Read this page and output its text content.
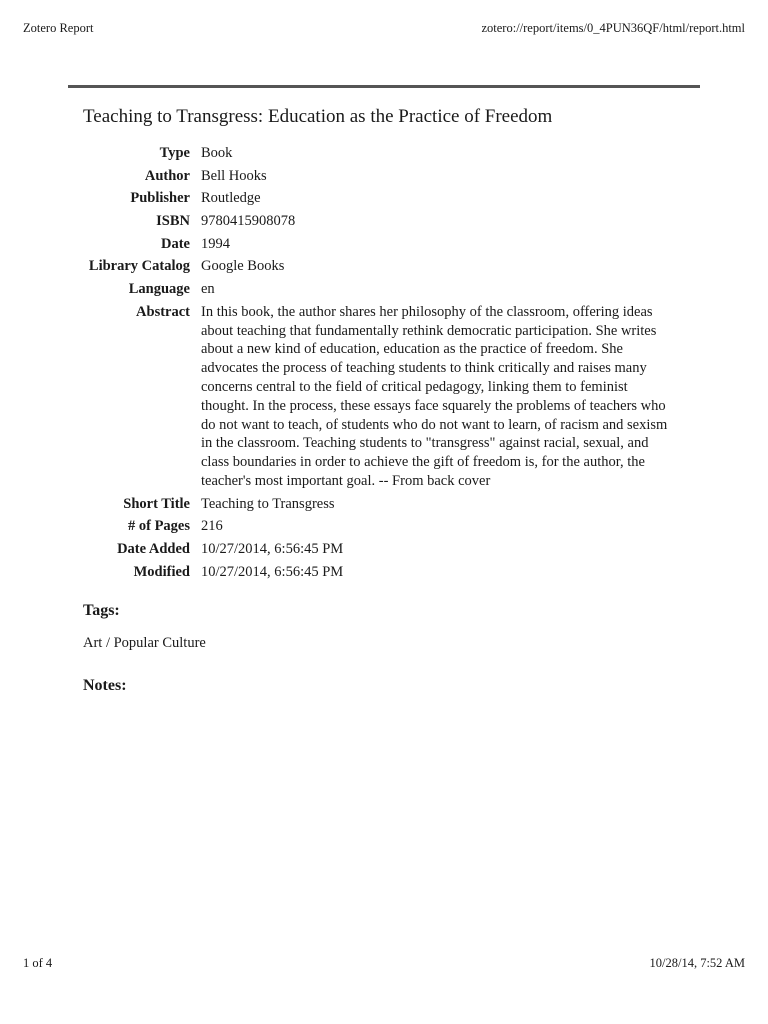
Zotero Report	zotero://report/items/0_4PUN36QF/html/report.html
Teaching to Transgress: Education as the Practice of Freedom
Type Book
Author Bell Hooks
Publisher Routledge
ISBN 9780415908078
Date 1994
Library Catalog Google Books
Language en
Abstract In this book, the author shares her philosophy of the classroom, offering ideas about teaching that fundamentally rethink democratic participation. She writes about a new kind of education, education as the practice of freedom. She advocates the process of teaching students to think critically and raises many concerns central to the field of critical pedagogy, linking them to feminist thought. In the process, these essays face squarely the problems of teachers who do not want to teach, of students who do not want to learn, of racism and sexism in the classroom. Teaching students to "transgress" against racial, sexual, and class boundaries in order to achieve the gift of freedom is, for the author, the teacher's most important goal. -- From back cover
Short Title Teaching to Transgress
# of Pages 216
Date Added 10/27/2014, 6:56:45 PM
Modified 10/27/2014, 6:56:45 PM
Tags:
Art / Popular Culture
Notes:
1 of 4	10/28/14, 7:52 AM
